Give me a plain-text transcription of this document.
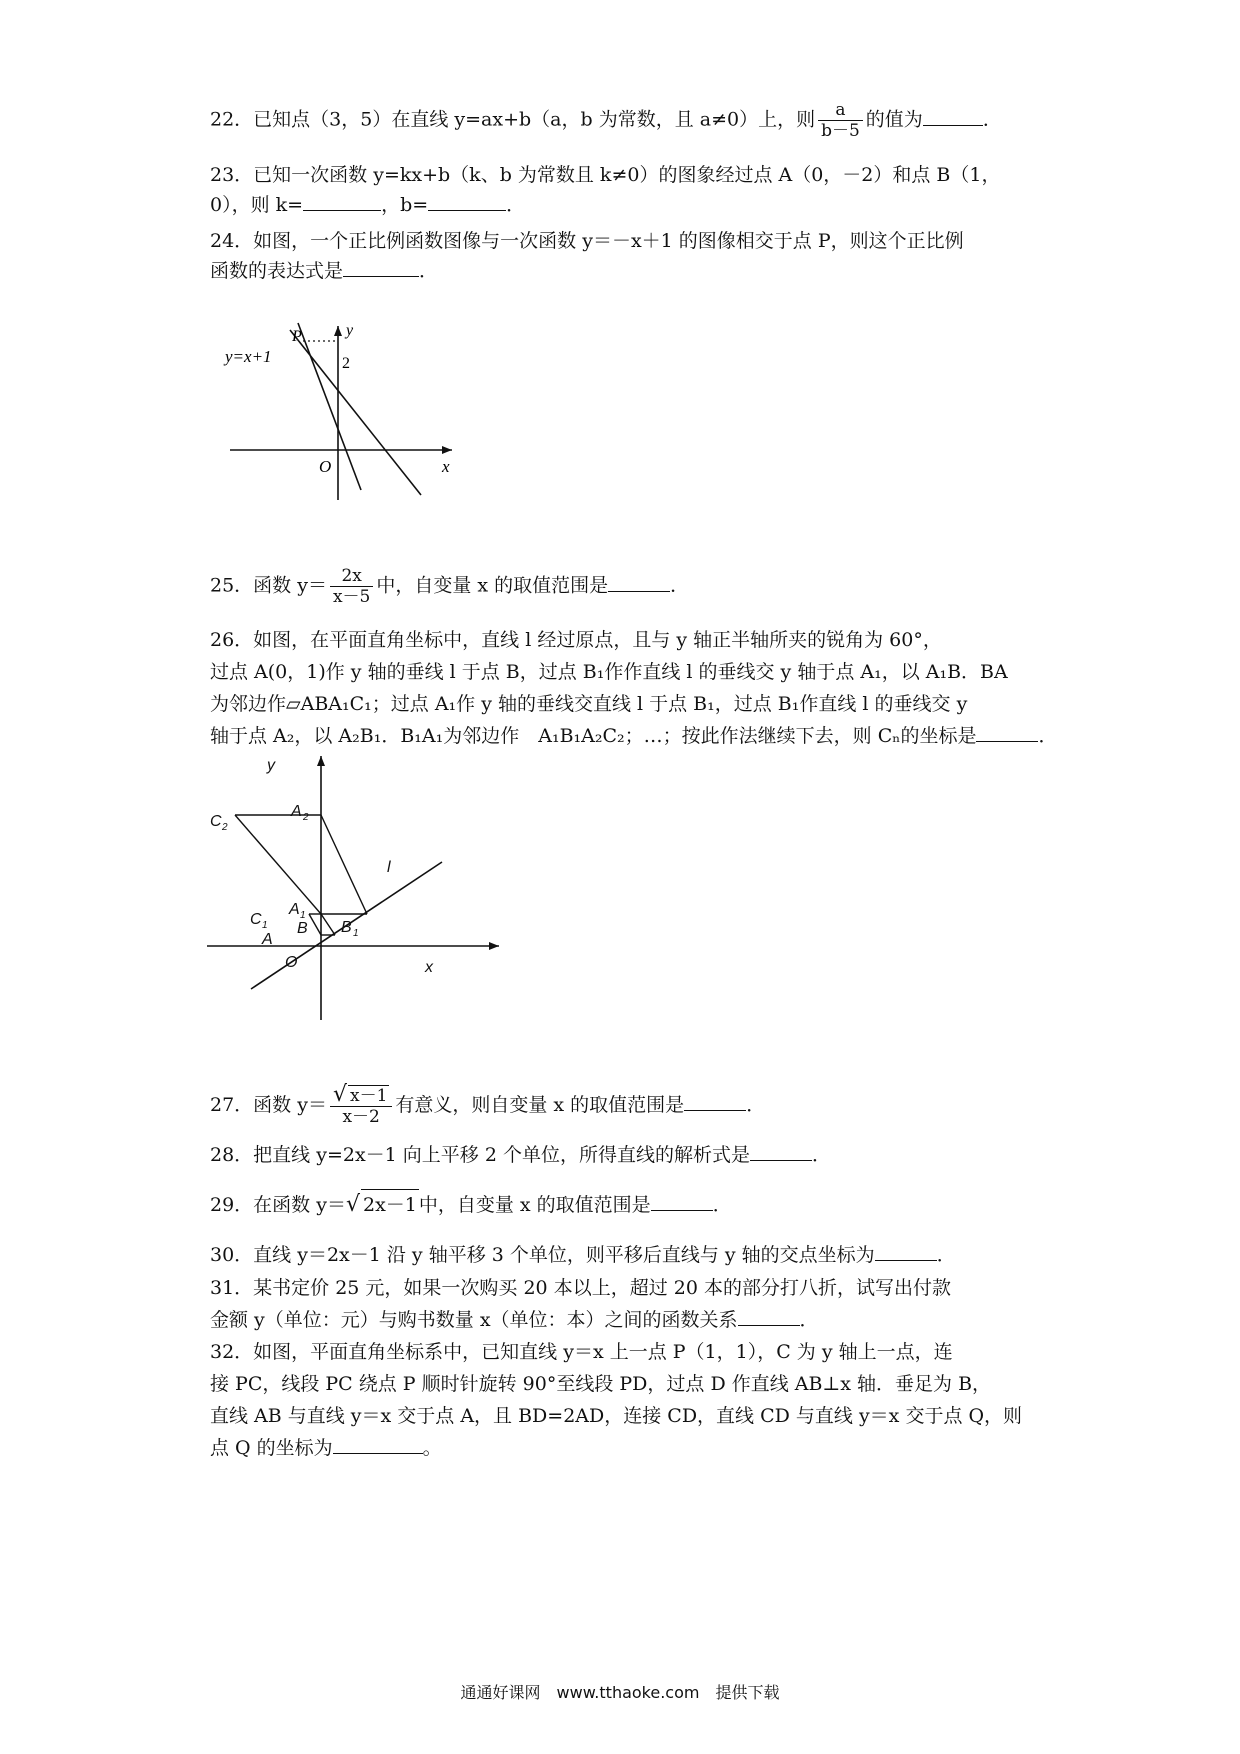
22．已知点（3，5）在直线 y=ax+b（a，b 为常数，且 a≠0）上，则 $\frac{a}{b-5}$ 的值为	．
23．已知一次函数 y=kx+b（k、b 为常数且 k≠0）的图象经过点 A（0，－2）和点 B（1，
0），则 k=	，b=	．
24．如图，一个正比例函数图像与一次函数 y＝－x＋1 的图像相交于点 P，则这个正比例
函数的表达式是	．
y=x+1
P	y
2
O	x
25．函数 $y= \frac{2x}{x-5}$ 中，自变量 x 的取值范围是	．
26．如图，在平面直角坐标中，直线 l 经过原点，且与 y 轴正半轴所夹的锐角为 60°，
过点 A(0，1)作 y 轴的垂线 l 于点 B，过点 B₁作作直线 l 的垂线交 y 轴于点 A₁，以 A₁B．BA
为邻边作▱ABA₁C₁；过点 A₁作 y 轴的垂线交直线 l 于点 B₁，过点 B₁作直线 l 的垂线交 y
轴于点 A₂，以 A₂B₁．B₁A₁为邻边作　A₁B₁A₂C₂；…；按此作法继续下去，则 Cₙ的坐标是	．
y
x
l
O
A
B
A 1
B 1
C 1
A 2
C 2
27．函数 $y= \frac{√ x-1}{x-2}$ 有意义，则自变量 x 的取值范围是	．
28．把直线 y=2x－1 向上平移 2 个单位，所得直线的解析式是	．
29．在函数 y＝√ 2x－1 中，自变量 x 的取值范围是	．
30．直线 y＝2x－1 沿 y 轴平移 3 个单位，则平移后直线与 y 轴的交点坐标为	．
31．某书定价 25 元，如果一次购买 20 本以上，超过 20 本的部分打八折，试写出付款
金额 y（单位：元）与购书数量 x（单位：本）之间的函数关系	．
32．如图，平面直角坐标系中，已知直线 y＝x 上一点 P（1，1），C 为 y 轴上一点，连
接 PC，线段 PC 绕点 P 顺时针旋转 90°至线段 PD，过点 D 作直线 AB⊥x 轴．垂足为 B，
直线 AB 与直线 y＝x 交于点 A，且 BD=2AD，连接 CD，直线 CD 与直线 y＝x 交于点 Q，则
点 Q 的坐标为	。
通通好课网　www.tthaoke.com　提供下载
